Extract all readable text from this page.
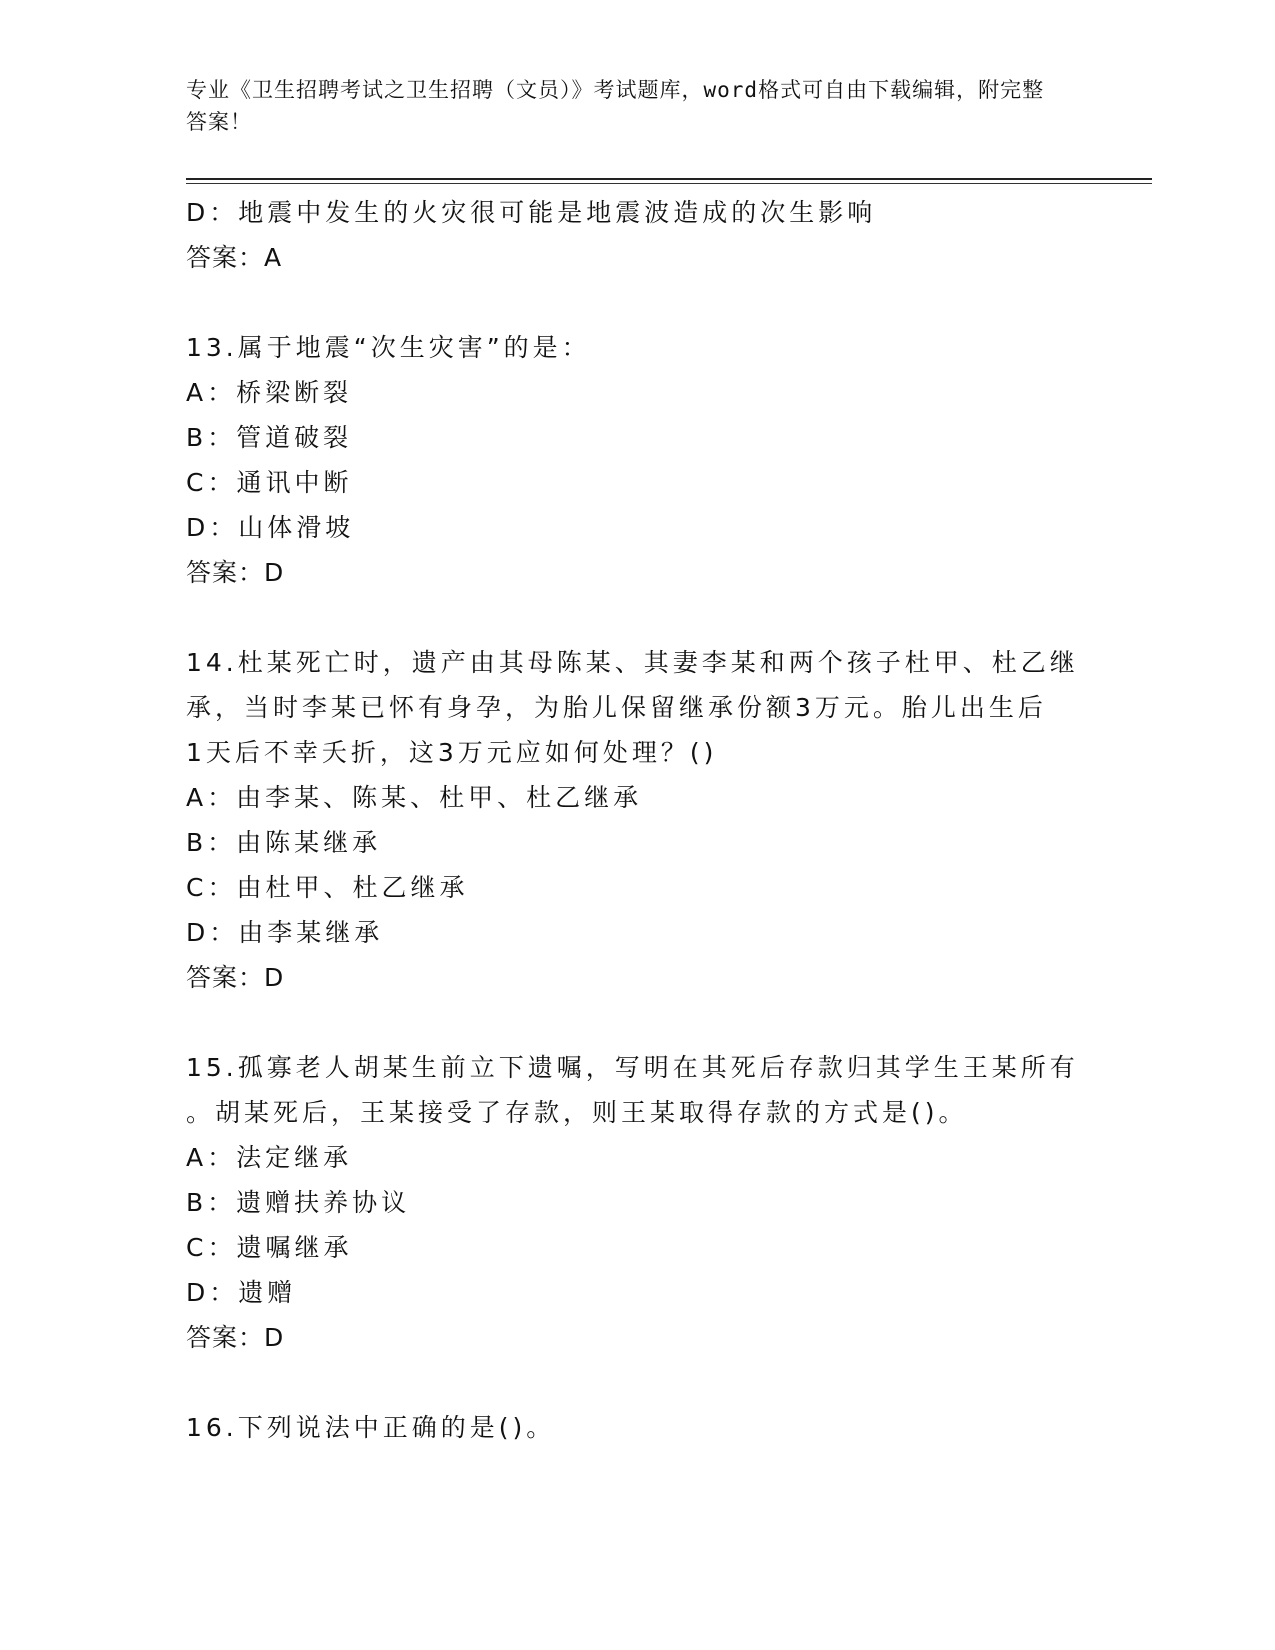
专业《卫生招聘考试之卫生招聘（文员）》考试题库，word格式可自由下载编辑，附完整答案！
D：地震中发生的火灾很可能是地震波造成的次生影响
答案：A
13.属于地震“次生灾害”的是：
A：桥梁断裂
B：管道破裂
C：通讯中断
D：山体滑坡
答案：D
14.杜某死亡时，遗产由其母陈某、其妻李某和两个孩子杜甲、杜乙继
承，当时李某已怀有身孕，为胎儿保留继承份额3万元。胎儿出生后
1天后不幸夭折，这3万元应如何处理？()
A：由李某、陈某、杜甲、杜乙继承
B：由陈某继承
C：由杜甲、杜乙继承
D：由李某继承
答案：D
15.孤寡老人胡某生前立下遗嘱，写明在其死后存款归其学生王某所有
。胡某死后，王某接受了存款，则王某取得存款的方式是()。
A：法定继承
B：遗赠扶养协议
C：遗嘱继承
D：遗赠
答案：D
16.下列说法中正确的是()。
